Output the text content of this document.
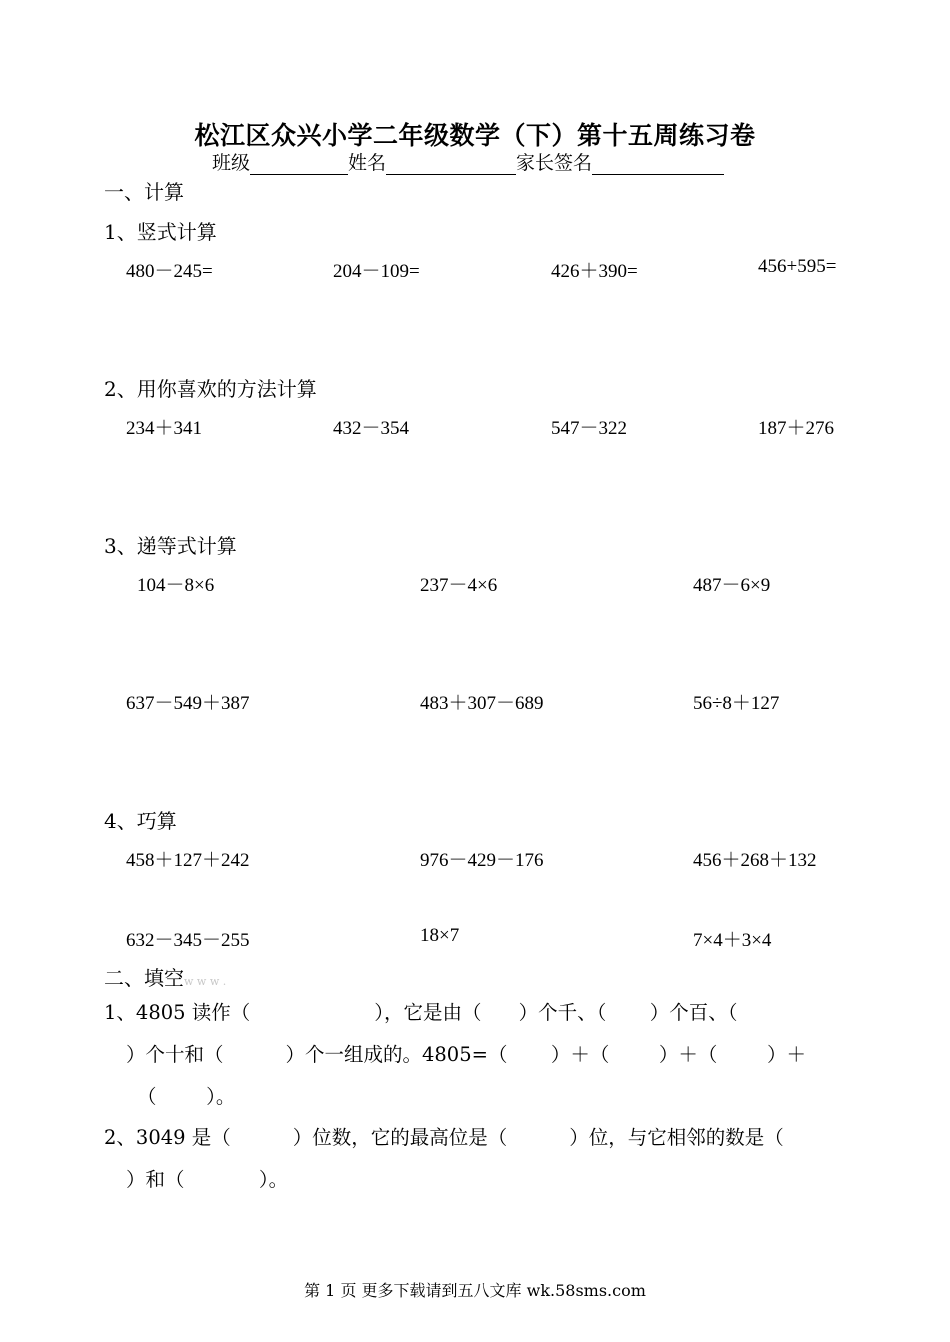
松江区众兴小学二年级数学（下）第十五周练习卷
班级	姓名	家长签名
一、计算
1、竖式计算
480－245=	204－109=	426＋390=	456+595=
2、用你喜欢的方法计算
234＋341	432－354	547－322	187＋276
3、递等式计算
104－8×6	237－4×6	487－6×9
637－549＋387	483＋307－689	56÷8＋127
4、巧算
458＋127＋242	976－429－176	456＋268＋132
632－345－255	18×7	7×4＋3×4
二、填空w w w .
1、4805 读作（                    ），它是由（      ）个千、（       ）个百、（
）个十和（          ）个一组成的。4805=（       ）＋（        ）＋（        ）＋
（        ）。
2、3049 是（          ）位数，它的最高位是（          ）位，与它相邻的数是（
）和（            ）。
第 1 页 更多下载请到五八文库 wk.58sms.com
